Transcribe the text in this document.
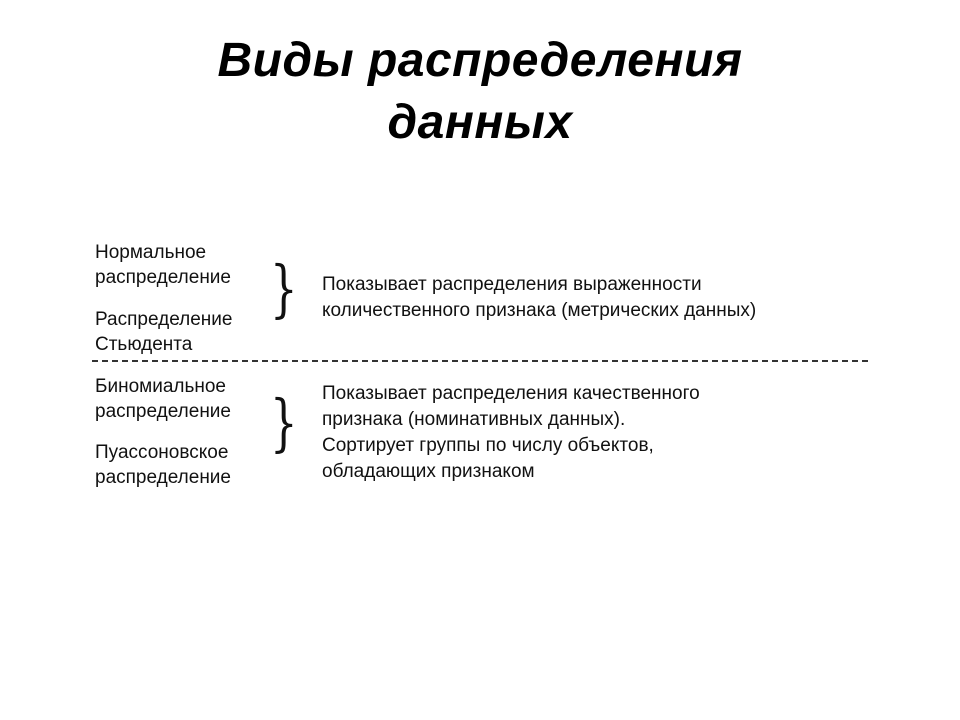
Виды распределения
данных
Нормальное
распределение
Распределение
Стьюдента
} Показывает распределения выраженности
количественного признака (метрических данных)
Биномиальное
распределение
Пуассоновское
распределение
} Показывает распределения качественного
признака (номинативных данных).
Сортирует группы по числу объектов,
обладающих признаком
